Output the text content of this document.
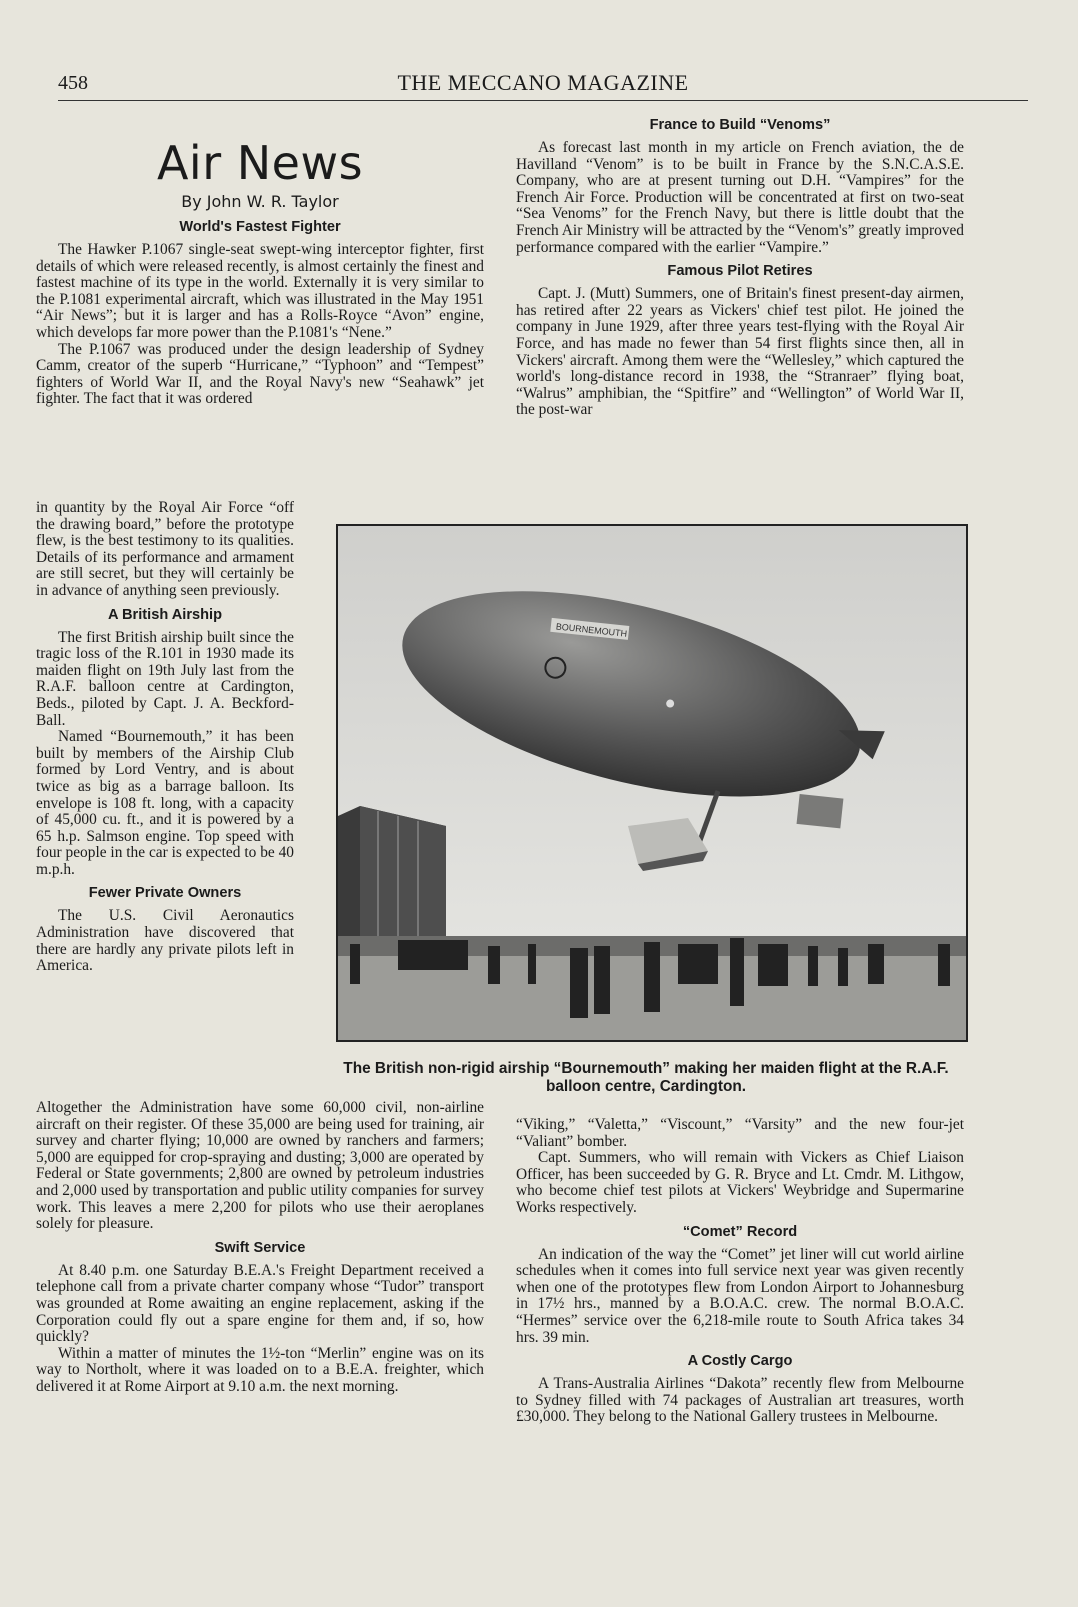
458	THE MECCANO MAGAZINE
Air News
By John W. R. Taylor
World's Fastest Fighter

The Hawker P.1067 single-seat swept-wing interceptor fighter, first details of which were released recently, is almost certainly the finest and fastest machine of its type in the world. Externally it is very similar to the P.1081 experimental aircraft, which was illustrated in the May 1951 “Air News”; but it is larger and has a Rolls-Royce “Avon” engine, which develops far more power than the P.1081's “Nene.”

The P.1067 was produced under the design leadership of Sydney Camm, creator of the superb “Hurricane,” “Typhoon” and “Tempest” fighters of World War II, and the Royal Navy's new “Seahawk” jet fighter. The fact that it was ordered

in quantity by the Royal Air Force “off the drawing board,” before the prototype flew, is the best testimony to its qualities. Details of its performance and armament are still secret, but they will certainly be in advance of anything seen previously.

A British Airship

The first British airship built since the tragic loss of the R.101 in 1930 made its maiden flight on 19th July last from the R.A.F. balloon centre at Cardington, Beds., piloted by Capt. J. A. Beckford-Ball.

Named “Bournemouth,” it has been built by members of the Airship Club formed by Lord Ventry, and is about twice as big as a barrage balloon. Its envelope is 108 ft. long, with a capacity of 45,000 cu. ft., and it is powered by a 65 h.p. Salmson engine. Top speed with four people in the car is expected to be 40 m.p.h.

Fewer Private Owners

The U.S. Civil Aeronautics Administration have discovered that there are hardly any private pilots left in America.

Altogether the Administration have some 60,000 civil, non-airline aircraft on their register. Of these 35,000 are being used for training, air survey and charter flying; 10,000 are owned by ranchers and farmers; 5,000 are equipped for crop-spraying and dusting; 3,000 are operated by Federal or State governments; 2,800 are owned by petroleum industries and 2,000 used by transportation and public utility companies for survey work. This leaves a mere 2,200 for pilots who use their aeroplanes solely for pleasure.

Swift Service

At 8.40 p.m. one Saturday B.E.A.'s Freight Department received a telephone call from a private charter company whose “Tudor” transport was grounded at Rome awaiting an engine replacement, asking if the Corporation could fly out a spare engine for them and, if so, how quickly?

Within a matter of minutes the 1½-ton “Merlin” engine was on its way to Northolt, where it was loaded on to a B.E.A. freighter, which delivered it at Rome Airport at 9.10 a.m. the next morning.

France to Build “Venoms”

As forecast last month in my article on French aviation, the de Havilland “Venom” is to be built in France by the S.N.C.A.S.E. Company, who are at present turning out D.H. “Vampires” for the French Air Force. Production will be concentrated at first on two-seat “Sea Venoms” for the French Navy, but there is little doubt that the French Air Ministry will be attracted by the “Venom's” greatly improved performance compared with the earlier “Vampire.”

Famous Pilot Retires

Capt. J. (Mutt) Summers, one of Britain's finest present-day airmen, has retired after 22 years as Vickers' chief test pilot. He joined the company in June 1929, after three years test-flying with the Royal Air Force, and has made no fewer than 54 first flights since then, all in Vickers' aircraft. Among them were the “Wellesley,” which captured the world's long-distance record in 1938, the “Stranraer” flying boat, “Walrus” amphibian, the “Spitfire” and “Wellington” of World War II, the post-war

BOURNEMOUTH
The British non-rigid airship “Bournemouth” making her maiden flight at the R.A.F. balloon centre, Cardington.

“Viking,” “Valetta,” “Viscount,” “Varsity” and the new four-jet “Valiant” bomber.

Capt. Summers, who will remain with Vickers as Chief Liaison Officer, has been succeeded by G. R. Bryce and Lt. Cmdr. M. Lithgow, who become chief test pilots at Vickers' Weybridge and Supermarine Works respectively.

“Comet” Record

An indication of the way the “Comet” jet liner will cut world airline schedules when it comes into full service next year was given recently when one of the prototypes flew from London Airport to Johannesburg in 17½ hrs., manned by a B.O.A.C. crew. The normal B.O.A.C. “Hermes” service over the 6,218-mile route to South Africa takes 34 hrs. 39 min.

A Costly Cargo

A Trans-Australia Airlines “Dakota” recently flew from Melbourne to Sydney filled with 74 packages of Australian art treasures, worth £30,000. They belong to the National Gallery trustees in Melbourne.
